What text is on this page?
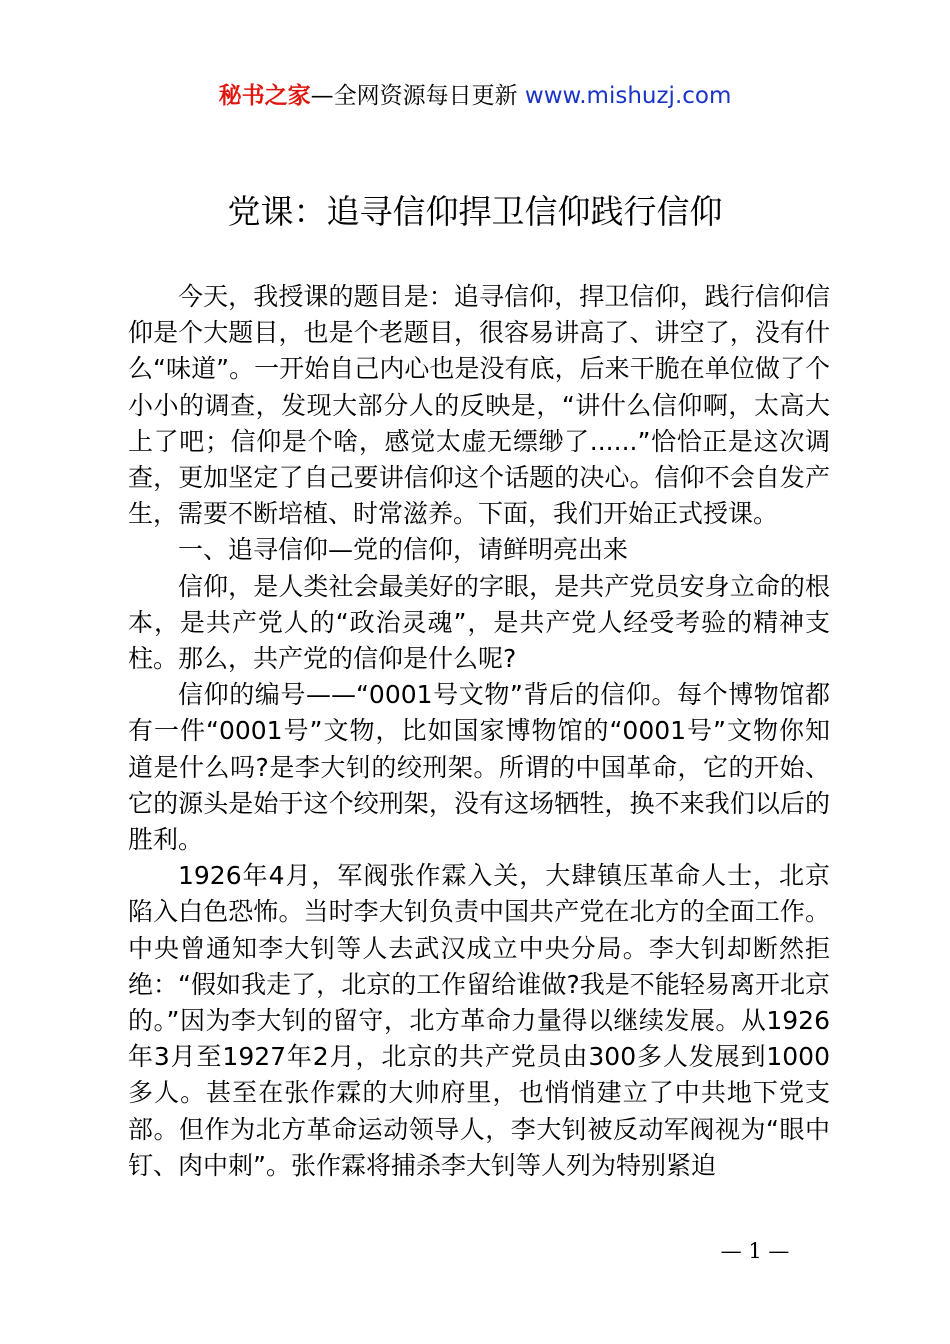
秘书之家—全网资源每日更新 www.mishuzj.com
党课：追寻信仰捍卫信仰践行信仰

今天，我授课的题目是：追寻信仰，捍卫信仰，践行信仰信仰是个大题目，也是个老题目，很容易讲高了、讲空了，没有什么“味道”。一开始自己内心也是没有底，后来干脆在单位做了个小小的调查，发现大部分人的反映是，“讲什么信仰啊，太高大上了吧；信仰是个啥，感觉太虚无缥缈了......”恰恰正是这次调查，更加坚定了自己要讲信仰这个话题的决心。信仰不会自发产生，需要不断培植、时常滋养。下面，我们开始正式授课。

一、追寻信仰—党的信仰，请鲜明亮出来

信仰，是人类社会最美好的字眼，是共产党员安身立命的根本，是共产党人的“政治灵魂”，是共产党人经受考验的精神支柱。那么，共产党的信仰是什么呢?

信仰的编号——“0001号文物”背后的信仰。每个博物馆都有一件“0001号”文物，比如国家博物馆的“0001号”文物你知道是什么吗?是李大钊的绞刑架。所谓的中国革命，它的开始、它的源头是始于这个绞刑架，没有这场牺牲，换不来我们以后的胜利。

1926年4月，军阀张作霖入关，大肆镇压革命人士，北京陷入白色恐怖。当时李大钊负责中国共产党在北方的全面工作。中央曾通知李大钊等人去武汉成立中央分局。李大钊却断然拒绝：“假如我走了，北京的工作留给谁做?我是不能轻易离开北京的。”因为李大钊的留守，北方革命力量得以继续发展。从1926年3月至1927年2月，北京的共产党员由300多人发展到1000多人。甚至在张作霖的大帅府里，也悄悄建立了中共地下党支部。但作为北方革命运动领导人，李大钊被反动军阀视为“眼中钉、肉中刺”。张作霖将捕杀李大钊等人列为特别紧迫

— 1 —
